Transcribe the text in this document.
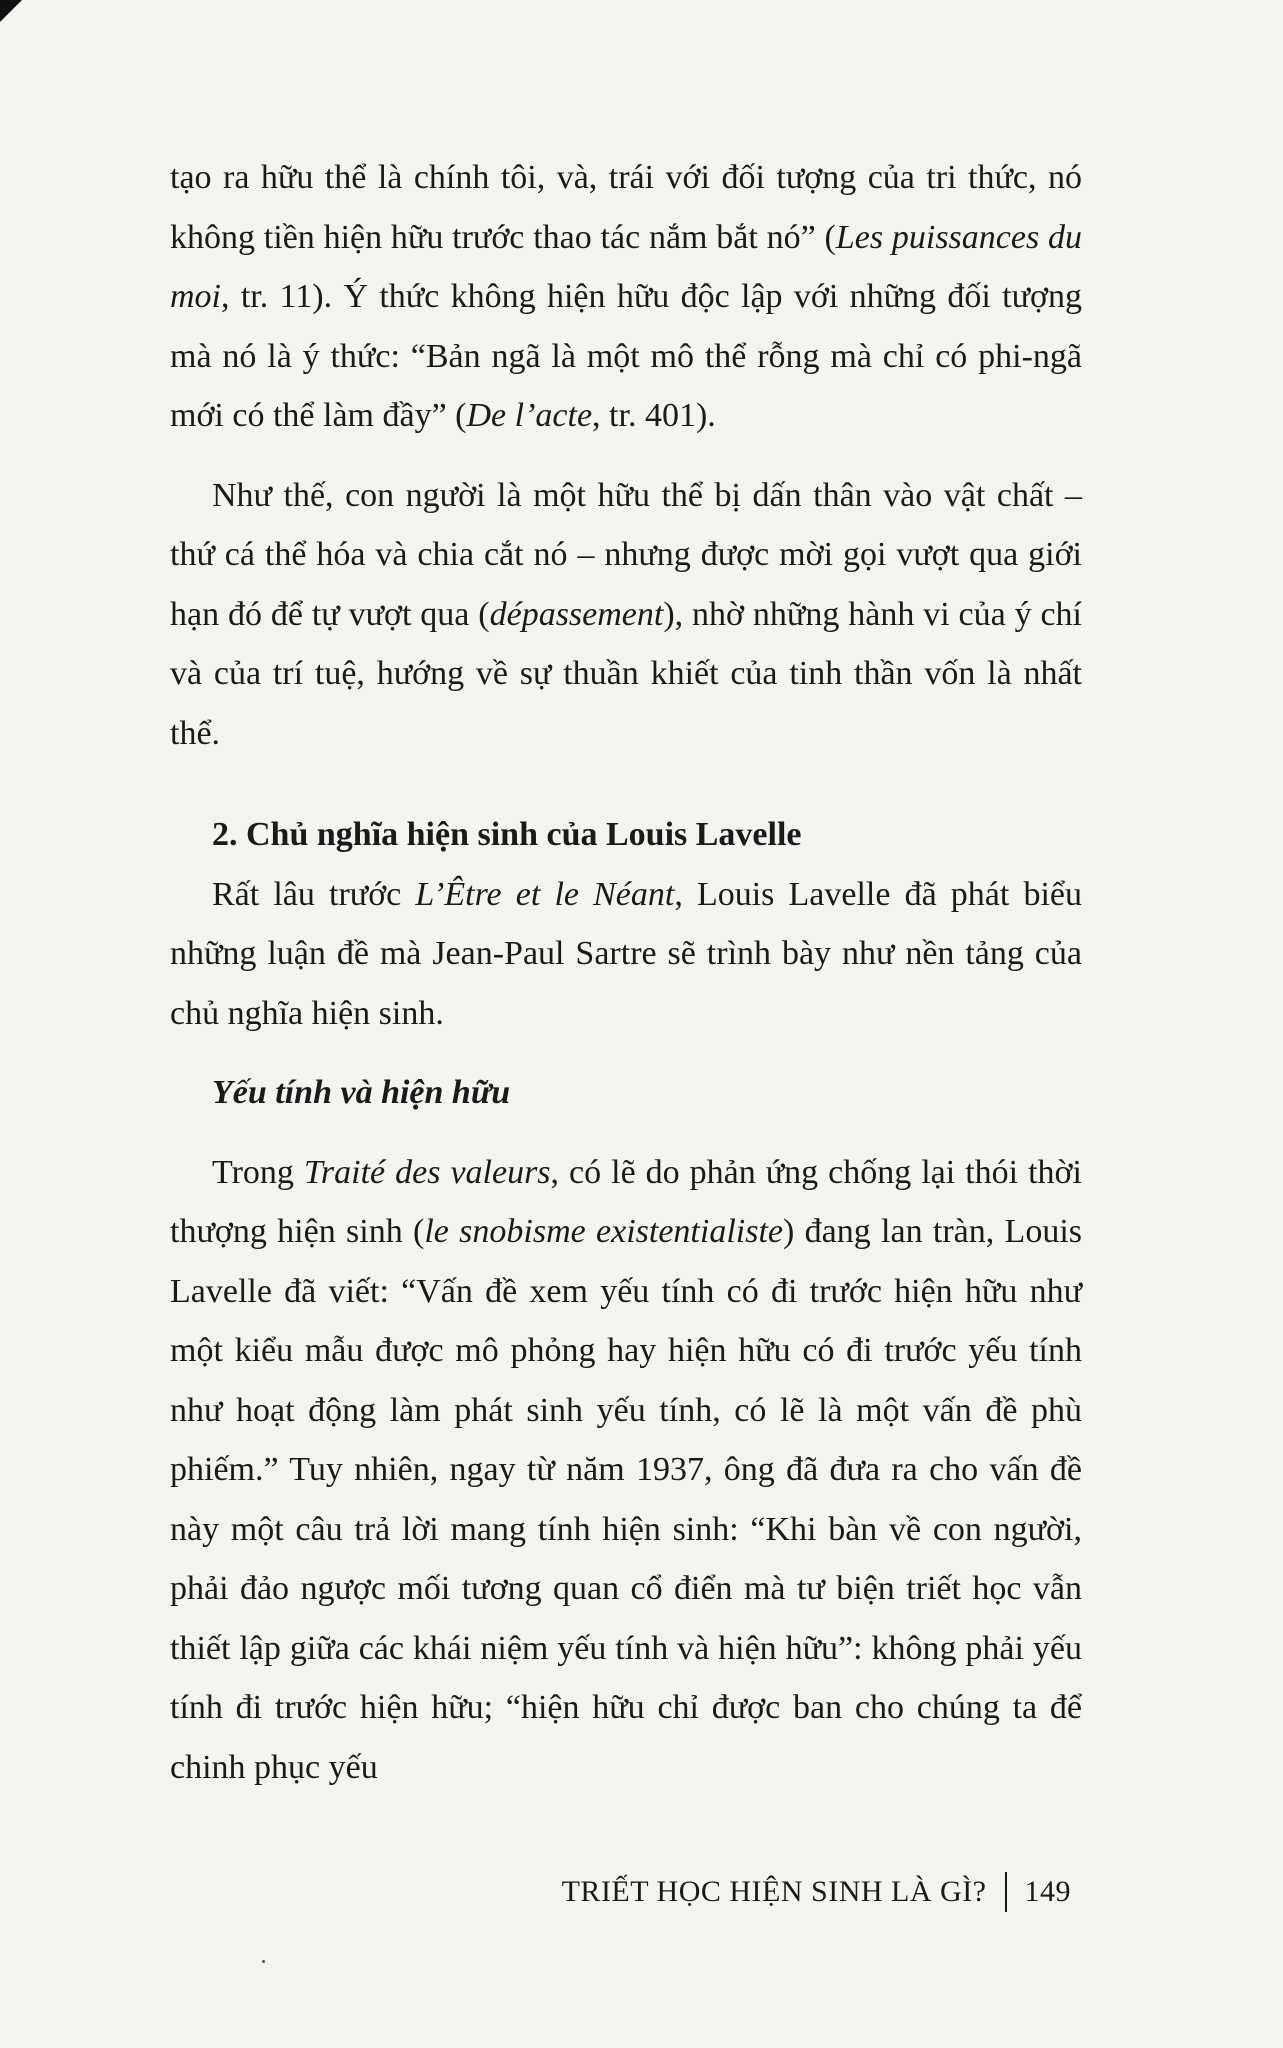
tạo ra hữu thể là chính tôi, và, trái với đối tượng của tri thức, nó không tiền hiện hữu trước thao tác nắm bắt nó” (Les puissances du moi, tr. 11). Ý thức không hiện hữu độc lập với những đối tượng mà nó là ý thức: “Bản ngã là một mô thể rỗng mà chỉ có phi-ngã mới có thể làm đầy” (De l’acte, tr. 401).

Như thế, con người là một hữu thể bị dấn thân vào vật chất – thứ cá thể hóa và chia cắt nó – nhưng được mời gọi vượt qua giới hạn đó để tự vượt qua (dépassement), nhờ những hành vi của ý chí và của trí tuệ, hướng về sự thuần khiết của tinh thần vốn là nhất thể.

2. Chủ nghĩa hiện sinh của Louis Lavelle

Rất lâu trước L’Être et le Néant, Louis Lavelle đã phát biểu những luận đề mà Jean-Paul Sartre sẽ trình bày như nền tảng của chủ nghĩa hiện sinh.

Yếu tính và hiện hữu

Trong Traité des valeurs, có lẽ do phản ứng chống lại thói thời thượng hiện sinh (le snobisme existentialiste) đang lan tràn, Louis Lavelle đã viết: “Vấn đề xem yếu tính có đi trước hiện hữu như một kiểu mẫu được mô phỏng hay hiện hữu có đi trước yếu tính như hoạt động làm phát sinh yếu tính, có lẽ là một vấn đề phù phiếm.” Tuy nhiên, ngay từ năm 1937, ông đã đưa ra cho vấn đề này một câu trả lời mang tính hiện sinh: “Khi bàn về con người, phải đảo ngược mối tương quan cổ điển mà tư biện triết học vẫn thiết lập giữa các khái niệm yếu tính và hiện hữu”: không phải yếu tính đi trước hiện hữu; “hiện hữu chỉ được ban cho chúng ta để chinh phục yếu

TRIẾT HỌC HIỆN SINH LÀ GÌ? 149
